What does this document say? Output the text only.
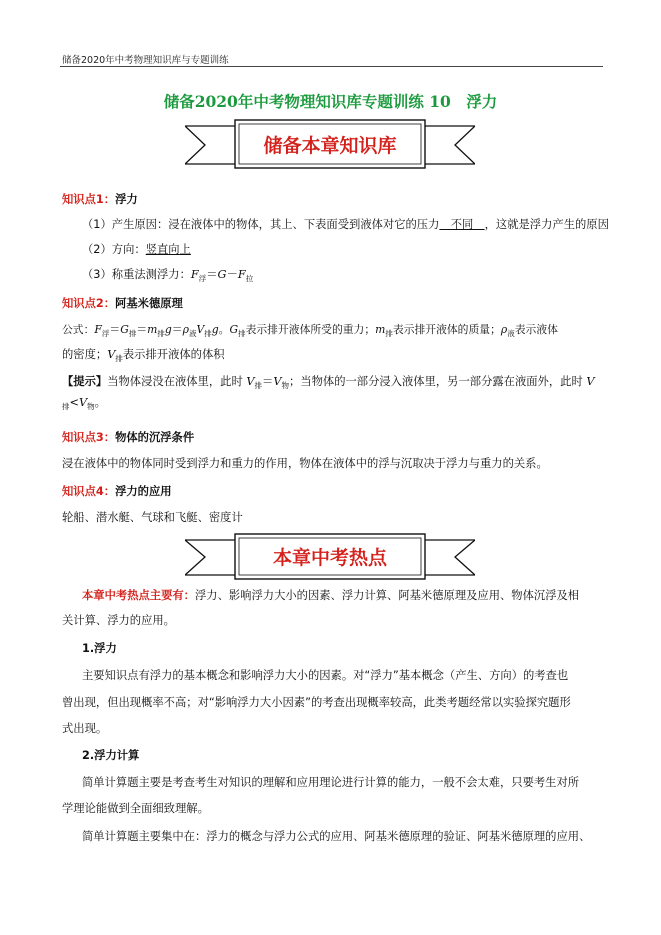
储备2020年中考物理知识库与专题训练
储备2020年中考物理知识库专题训练 10　浮力
储备本章知识库
知识点1：浮力
（1）产生原因：浸在液体中的物体，其上、下表面受到液体对它的压力　不同　，这就是浮力产生的原因
（2）方向：竖直向上
（3）称重法测浮力：$F_浮=G-F_拉$
知识点2：阿基米德原理
公式：$F_浮=G_排=m_排g=\rho_液V_排g$。$G_排$表示排开液体所受的重力；$m_排$表示排开液体的质量；$\rho_液$表示液体
的密度；$V_排$表示排开液体的体积
【提示】当物体浸没在液体里，此时 $V_排=V_物$；当物体的一部分浸入液体里，另一部分露在液面外，此时 V
$_排<V_物$。
知识点3：物体的沉浮条件
浸在液体中的物体同时受到浮力和重力的作用，物体在液体中的浮与沉取决于浮力与重力的关系。
知识点4：浮力的应用
轮船、潜水艇、气球和飞艇、密度计
本章中考热点
本章中考热点主要有：浮力、影响浮力大小的因素、浮力计算、阿基米德原理及应用、物体沉浮及相
关计算、浮力的应用。
1.浮力
主要知识点有浮力的基本概念和影响浮力大小的因素。对“浮力”基本概念（产生、方向）的考查也
曾出现，但出现概率不高；对“影响浮力大小因素”的考查出现概率较高，此类考题经常以实验探究题形
式出现。
2.浮力计算
简单计算题主要是考查考生对知识的理解和应用理论进行计算的能力，一般不会太难，只要考生对所
学理论能做到全面细致理解。
简单计算题主要集中在：浮力的概念与浮力公式的应用、阿基米德原理的验证、阿基米德原理的应用、
